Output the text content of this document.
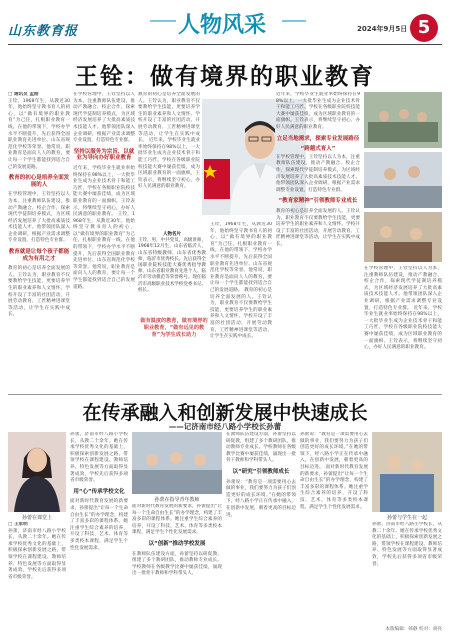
山东教育报	人物风采	2024年9月5日 5
王铨：做有境界的职业教育
□ 通讯员 孟刚
王铨，1968年生，从教近30年，他始终坚守教书育人的初心，以“做有境界的职业教育”为己任，扎根职业教育一线。在他的带领下，学校办学水平不断提升，先后获得全国职业教育先进单位、山东省规范化学校等荣誉。他常说，职业教育是面向人人的教育，要让每一个学生都能找到适合自己的发展道路。
教育的初心是培养全面发展的人
在学校管理中，王铨坚持以人为本，注重教师队伍建设，推动产教融合、校企合作，探索现代学徒制培养模式，为区域经济发展培养了大批高素质技术技能人才。他带领团队深入企业调研，根据产业需求调整专业设置，打造特色专业群。
教育就是让每个孩子都能成为有用之才
教育的初心是培养全面发展的人。王铨认为，职业教育不仅要教给学生技能，更要培养学生的职业素养和人文情怀。学校开设了丰富的社团活动，开展劳动教育、工匠精神进课堂等活动，让学生在实践中成长。
在学校管理中，王铨坚持以人为本，注重教师队伍建设，推动产教融合、校企合作，探索现代学徒制培养模式，为区域经济发展培养了大批高素质技术技能人才。他带领团队深入企业调研，根据产业需求调整专业设置，打造特色专业群。
坚持以服务为宗旨、以就业为导向办好职业教育
近年来，学校毕业生就业率始终保持在98%以上，一大批毕业生成为企业技术骨干和能工巧匠。学校在各级职业院校技能大赛中屡获佳绩，成为区域职业教育的一面旗帜。王铨表示，将继续坚守初心，办好人民满意的职业教育。 王铨，1968年生，从教近30年，他始终坚守教书育人的初心，以“做有境界的职业教育”为己任，扎根职业教育一线。在他的带领下，学校办学水平不断提升，先后获得全国职业教育先进单位、山东省规范化学校等荣誉。他常说，职业教育是面向人人的教育，要让每一个学生都能找到适合自己的发展道路。
教育的初心是培养全面发展的人。王铨认为，职业教育不仅要教给学生技能，更要培养学生的职业素养和人文情怀。学校开设了丰富的社团活动，开展劳动教育、工匠精神进课堂等活动，让学生在实践中成长。 近年来，学校毕业生就业率始终保持在98%以上，一大批毕业生成为企业技术骨干和能工巧匠。学校在各级职业院校技能大赛中屡获佳绩，成为区域职业教育的一面旗帜。王铨表示，将继续坚守初心，办好人民满意的职业教育。
人物名片
王铨，男，中共党员，高级讲师，1968年12月生，山东省临沂人，山东省特级教师，山东省优秀教师，临沂市优秀校长。先后获得全国职业院校技能大赛优秀指导教师、山东省职业教育先进个人、临沂市劳动模范等荣誉称号。现任临沂市高级职业技术学校党委书记、校长。
做有温度的教育，做有境界的职业教育，“做有远见的教育”为学生成长助力
王铨，1968年生，从教近30年，他始终坚守教书育人的初心，以“做有境界的职业教育”为己任，扎根职业教育一线。在他的带领下，学校办学水平不断提升，先后获得全国职业教育先进单位、山东省规范化学校等荣誉。他常说，职业教育是面向人人的教育，要让每一个学生都能找到适合自己的发展道路。 教育的初心是培养全面发展的人。王铨认为，职业教育不仅要教给学生技能，更要培养学生的职业素养和人文情怀。学校开设了丰富的社团活动，开展劳动教育、工匠精神进课堂等活动，让学生在实践中成长。
近年来，学校毕业生就业率始终保持在98%以上，一大批毕业生成为企业技术骨干和能工巧匠。学校在各级职业院校技能大赛中屡获佳绩，成为区域职业教育的一面旗帜。王铨表示，将继续坚守初心，办好人民满意的职业教育。
立足当地需求，探索专业发展路径
“跨越式育人”
在学校管理中，王铨坚持以人为本，注重教师队伍建设，推动产教融合、校企合作，探索现代学徒制培养模式，为区域经济发展培养了大批高素质技术技能人才。他带领团队深入企业调研，根据产业需求调整专业设置，打造特色专业群。
“教育家精神”引领教师专业成长
教育的初心是培养全面发展的人。王铨认为，职业教育不仅要教给学生技能，更要培养学生的职业素养和人文情怀。学校开设了丰富的社团活动，开展劳动教育、工匠精神进课堂等活动，让学生在实践中成长。
在学校管理中，王铨坚持以人为本，注重教师队伍建设，推动产教融合、校企合作，探索现代学徒制培养模式，为区域经济发展培养了大批高素质技术技能人才。他带领团队深入企业调研，根据产业需求调整专业设置，打造特色专业群。 近年来，学校毕业生就业率始终保持在98%以上，一大批毕业生成为企业技术骨干和能工巧匠。学校在各级职业院校技能大赛中屡获佳绩，成为区域职业教育的一面旗帜。王铨表示，将继续坚守初心，办好人民满意的职业教育。
在传承融入和创新发展中快速成长
——记济南市经八路小学校长孙蕾
孙蕾在课堂上
□ 王家明
孙蕾，济南市经八路小学校长，从教二十余年。她在传承学校优秀文化的基础上，积极探索创新发展之路，带领学校在课程建设、教师培养、特色发展等方面取得显著成效，学校先后获得多项省市级荣誉。
孙蕾，济南市经八路小学校长，从教二十余年。她在传承学校优秀文化的基础上，积极探索创新发展之路，带领学校在课程建设、教师培养、特色发展等方面取得显著成效，学校先后获得多项省市级荣誉。
用“心”传承学校文化
面对新时代教育发展的新要求，孙蕾提出“让每一个生命自由生长”的办学理念，构建了丰富多彩的课程体系。她注重学生综合素养的培养，开设了科技、艺术、体育等多类校本课程，满足学生个性化发展需求。
孙蕾在指导青年教师
面对新时代教育发展的新要求，孙蕾提出“让每一个生命自由生长”的办学理念，构建了丰富多彩的课程体系。她注重学生综合素养的培养，开设了科技、艺术、体育等多类校本课程，满足学生个性化发展需求。
以“创新”推动学校发展
在教师队伍建设方面，孙蕾坚持以研促教，组建了多个教研团队，推动教师专业成长。学校教师在各级教学比赛中屡获佳绩，涌现出一批骨干教师和学科带头人。
在教师队伍建设方面，孙蕾坚持以研促教，组建了多个教研团队，推动教师专业成长。学校教师在各级教学比赛中屡获佳绩，涌现出一批骨干教师和学科带头人。
以“研究”引领教师成长
孙蕾说：“教育是一项需要用心去做的事业，我们要努力为孩子们创造更好的成长环境。”在她的带领下，经八路小学正在传承中融入，在创新中发展，朝着更高的目标迈进。
孙蕾说：“教育是一项需要用心去做的事业，我们要努力为孩子们创造更好的成长环境。”在她的带领下，经八路小学正在传承中融入，在创新中发展，朝着更高的目标迈进。 面对新时代教育发展的新要求，孙蕾提出“让每一个生命自由生长”的办学理念，构建了丰富多彩的课程体系。她注重学生综合素养的培养，开设了科技、艺术、体育等多类校本课程，满足学生个性化发展需求。
孙蕾与学生在一起
孙蕾，济南市经八路小学校长，从教二十余年。她在传承学校优秀文化的基础上，积极探索创新发展之路，带领学校在课程建设、教师培养、特色发展等方面取得显著成效，学校先后获得多项省市级荣誉。
本版编辑：韩静 校对：胡亮
